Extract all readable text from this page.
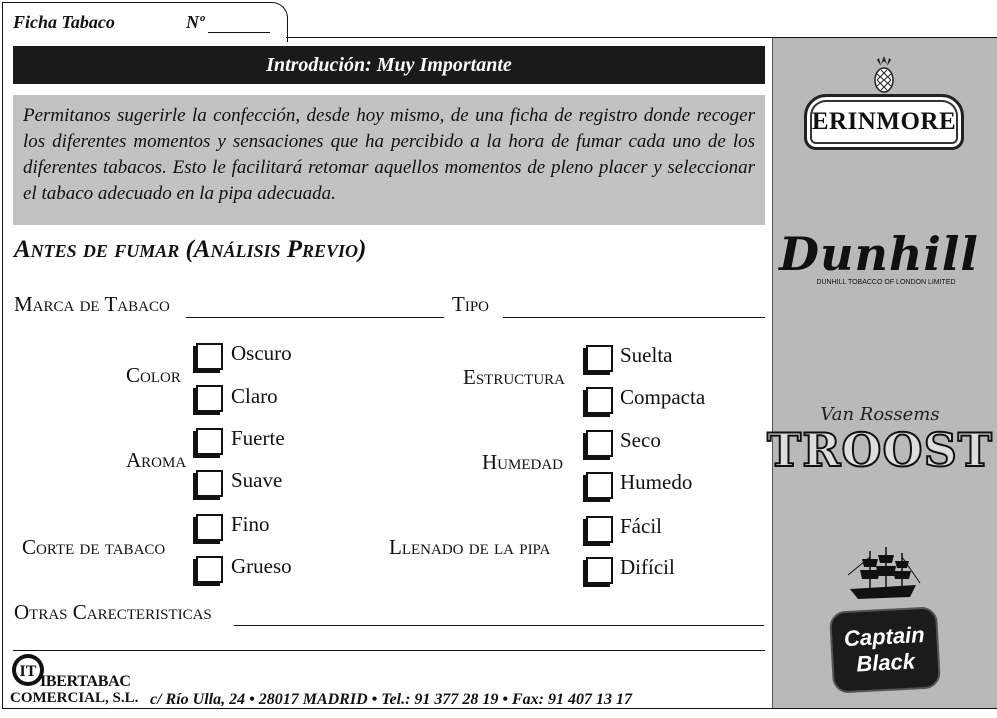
Ficha Tabaco	Nº
ERINMORE
Dunhill
DUNHILL TOBACCO OF LONDON LIMITED
Van Rossems
TROOST
Captain
Black
Introdución: Muy Importante

Permitanos sugerirle la confección, desde hoy mismo, de una ficha de registro donde recoger los diferentes momentos y sensaciones que ha percibido a la hora de fumar cada uno de los diferentes tabacos. Esto le facilitará retomar aquellos momentos de pleno placer y seleccionar el tabaco adecuado en la pipa adecuada.

Antes de fumar (Análisis Previo)
Marca de Tabaco	Tipo
Color
Oscuro
Claro
Aroma
Fuerte
Suave
Corte de tabaco
Fino
Grueso
Estructura
Suelta
Compacta
Humedad
Seco
Humedo
Llenado de la pipa
Fácil
Difícil
Otras Carecteristicas
IT
IBERTABAC
COMERCIAL, S.L. c/ Río Ulla, 24 • 28017 MADRID • Tel.: 91 377 28 19 • Fax: 91 407 13 17
